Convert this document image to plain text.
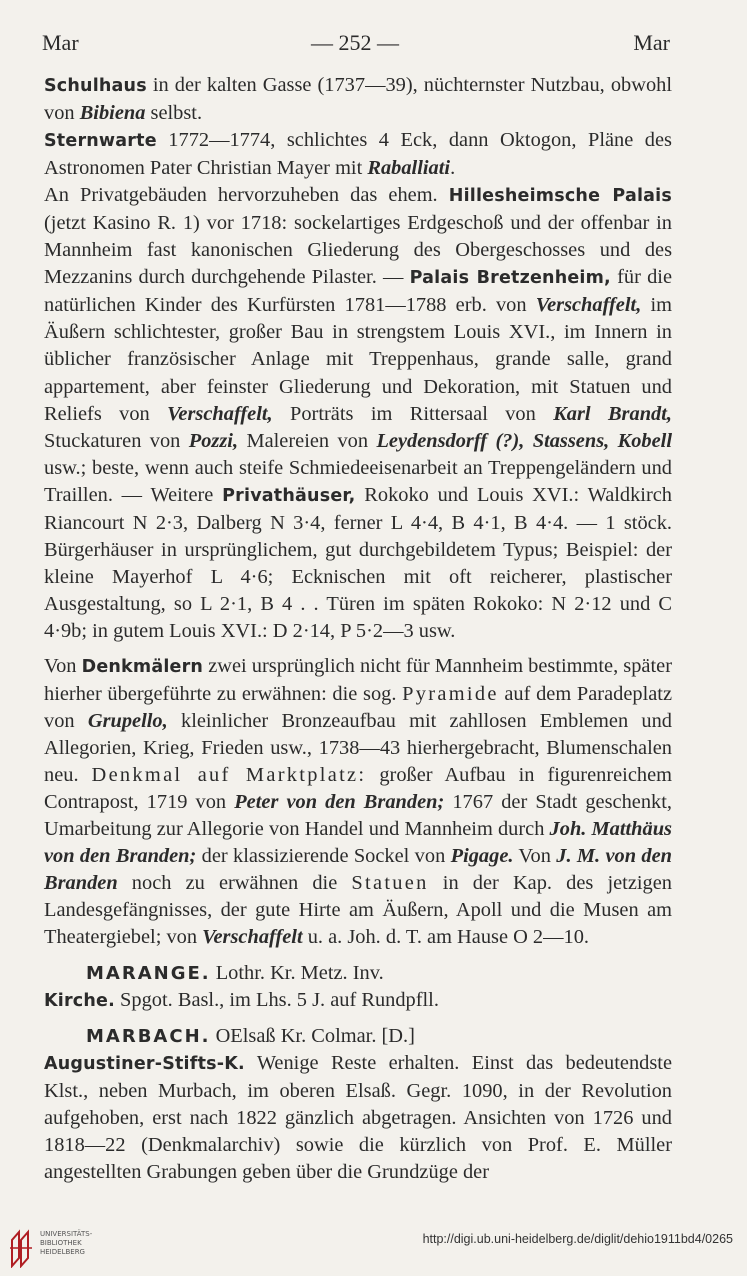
Mar	— 252 —	Mar

Schulhaus in der kalten Gasse (1737—39), nüchternster Nutzbau, obwohl von Bibiena selbst.

Sternwarte 1772—1774, schlichtes 4 Eck, dann Oktogon, Pläne des Astronomen Pater Christian Mayer mit Raballiati.

An Privatgebäuden hervorzuheben das ehem. Hillesheimsche Palais (jetzt Kasino R. 1) vor 1718: sockelartiges Erdgeschoß und der offenbar in Mannheim fast kanonischen Gliederung des Obergeschosses und des Mezzanins durch durchgehende Pilaster. — Palais Bretzenheim, für die natürlichen Kinder des Kurfürsten 1781—1788 erb. von Verschaffelt, im Äußern schlichtester, großer Bau in strengstem Louis XVI., im Innern in üblicher französischer Anlage mit Treppenhaus, grande salle, grand appartement, aber feinster Gliederung und Dekoration, mit Statuen und Reliefs von Verschaffelt, Porträts im Rittersaal von Karl Brandt, Stuckaturen von Pozzi, Malereien von Leydensdorff (?), Stassens, Kobell usw.; beste, wenn auch steife Schmiedeeisenarbeit an Treppengeländern und Traillen. — Weitere Privathäuser, Rokoko und Louis XVI.: Waldkirch Riancourt N 2·3, Dalberg N 3·4, ferner L 4·4, B 4·1, B 4·4. — 1 stöck. Bürgerhäuser in ursprünglichem, gut durchgebildetem Typus; Beispiel: der kleine Mayerhof L 4·6; Ecknischen mit oft reicherer, plastischer Ausgestaltung, so L 2·1, B 4 . . Türen im späten Rokoko: N 2·12 und C 4·9b; in gutem Louis XVI.: D 2·14, P 5·2—3 usw.

Von Denkmälern zwei ursprünglich nicht für Mannheim bestimmte, später hierher übergeführte zu erwähnen: die sog. Pyramide auf dem Paradeplatz von Grupello, kleinlicher Bronzeaufbau mit zahllosen Emblemen und Allegorien, Krieg, Frieden usw., 1738—43 hierhergebracht, Blumenschalen neu. Denkmal auf Marktplatz: großer Aufbau in figurenreichem Contrapost, 1719 von Peter von den Branden; 1767 der Stadt geschenkt, Umarbeitung zur Allegorie von Handel und Mannheim durch Joh. Matthäus von den Branden; der klassizierende Sockel von Pigage. Von J. M. von den Branden noch zu erwähnen die Statuen in der Kap. des jetzigen Landesgefängnisses, der gute Hirte am Äußern, Apoll und die Musen am Theatergiebel; von Verschaffelt u. a. Joh. d. T. am Hause O 2—10.

MARANGE. Lothr. Kr. Metz. Inv.

Kirche. Spgot. Basl., im Lhs. 5 J. auf Rundpfll.

MARBACH. OElsaß Kr. Colmar. [D.]

Augustiner-Stifts-K. Wenige Reste erhalten. Einst das bedeutendste Klst., neben Murbach, im oberen Elsaß. Gegr. 1090, in der Revolution aufgehoben, erst nach 1822 gänzlich abgetragen. Ansichten von 1726 und 1818—22 (Denkmalarchiv) sowie die kürzlich von Prof. E. Müller angestellten Grabungen geben über die Grundzüge der

UNIVERSITÄTS-
BIBLIOTHEK
HEIDELBERG
http://digi.ub.uni-heidelberg.de/diglit/dehio1911bd4/0265
